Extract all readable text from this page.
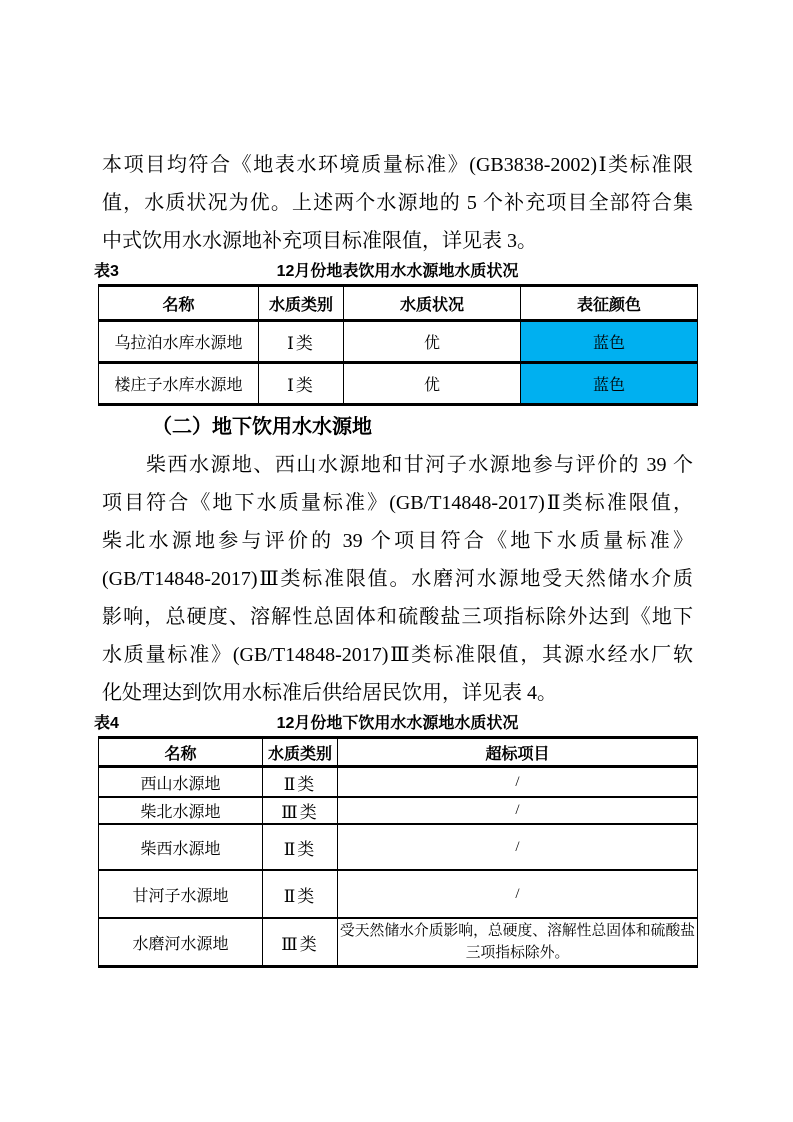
本项目均符合《地表水环境质量标准》(GB3838-2002)Ⅰ类标准限
值，水质状况为优。上述两个水源地的 5 个补充项目全部符合集
中式饮用水水源地补充项目标准限值，详见表 3。
表3	12月份地表饮用水水源地水质状况
名称	水质类别	水质状况	表征颜色
乌拉泊水库水源地	Ⅰ类	优	蓝色
楼庄子水库水源地	Ⅰ类	优	蓝色
（二）地下饮用水水源地
柴西水源地、西山水源地和甘河子水源地参与评价的 39 个
项目符合《地下水质量标准》(GB/T14848-2017)Ⅱ类标准限值，
柴北水源地参与评价的 39 个项目符合《地下水质量标准》
(GB/T14848-2017)Ⅲ类标准限值。水磨河水源地受天然储水介质
影响，总硬度、溶解性总固体和硫酸盐三项指标除外达到《地下
水质量标准》(GB/T14848-2017)Ⅲ类标准限值，其源水经水厂软
化处理达到饮用水标准后供给居民饮用，详见表 4。
表4	12月份地下饮用水水源地水质状况
名称	水质类别	超标项目
西山水源地	Ⅱ类	/
柴北水源地	Ⅲ类	/
柴西水源地	Ⅱ类	/
甘河子水源地	Ⅱ类	/
水磨河水源地	Ⅲ类	受天然储水介质影响，总硬度、溶解性总固体和硫酸盐三项指标除外。
